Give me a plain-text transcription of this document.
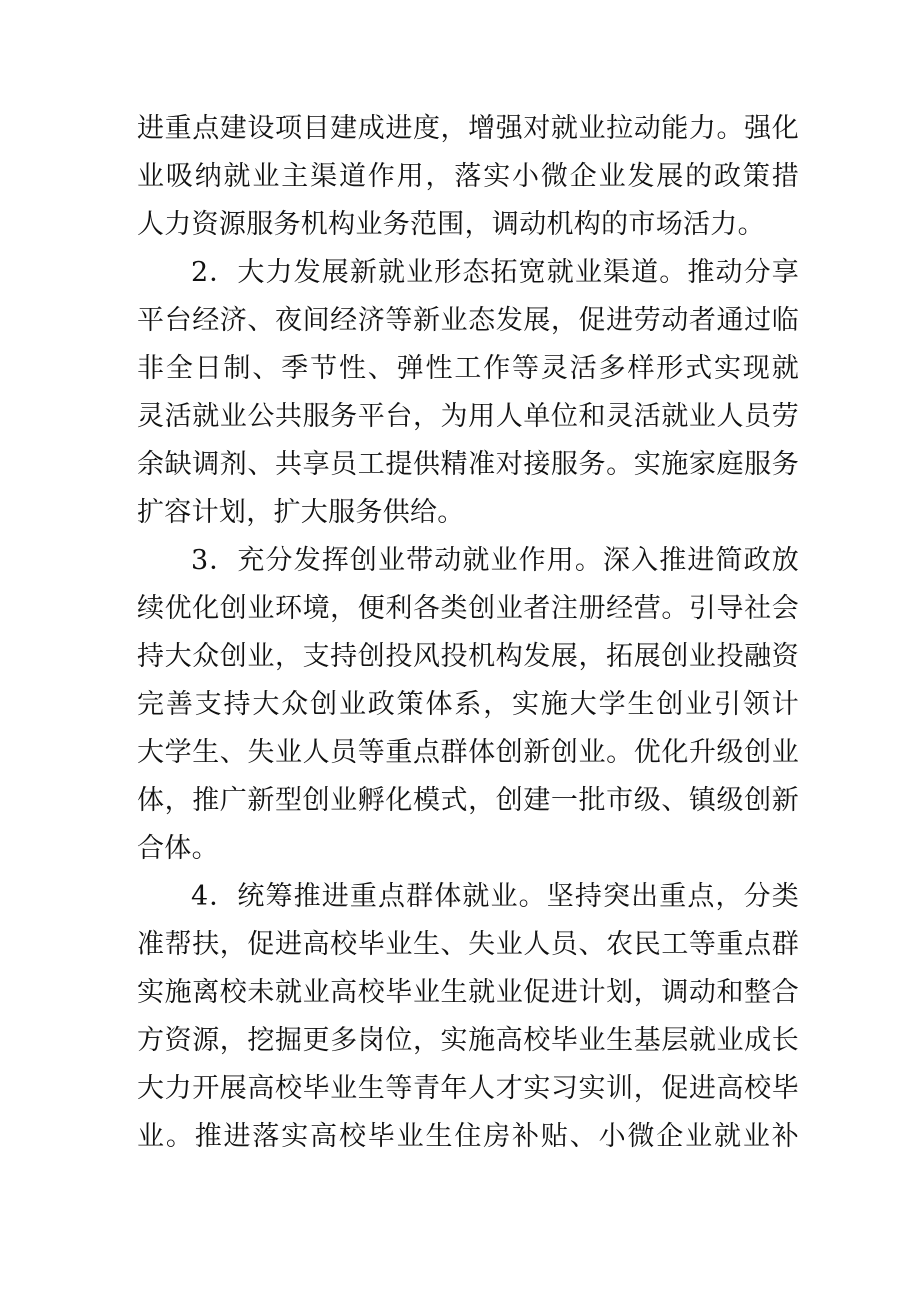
进重点建设项目建成进度，增强对就业拉动能力。强化
业吸纳就业主渠道作用，落实小微企业发展的政策措
人力资源服务机构业务范围，调动机构的市场活力。
2．大力发展新就业形态拓宽就业渠道。推动分享
平台经济、夜间经济等新业态发展，促进劳动者通过临
非全日制、季节性、弹性工作等灵活多样形式实现就
灵活就业公共服务平台，为用人单位和灵活就业人员劳
余缺调剂、共享员工提供精准对接服务。实施家庭服务
扩容计划，扩大服务供给。
3．充分发挥创业带动就业作用。深入推进简政放
续优化创业环境，便利各类创业者注册经营。引导社会
持大众创业，支持创投风投机构发展，拓展创业投融资
完善支持大众创业政策体系，实施大学生创业引领计
大学生、失业人员等重点群体创新创业。优化升级创业
体，推广新型创业孵化模式，创建一批市级、镇级创新
合体。
4．统筹推进重点群体就业。坚持突出重点，分类
准帮扶，促进高校毕业生、失业人员、农民工等重点群
实施离校未就业高校毕业生就业促进计划，调动和整合
方资源，挖掘更多岗位，实施高校毕业生基层就业成长
大力开展高校毕业生等青年人才实习实训，促进高校毕
业。推进落实高校毕业生住房补贴、小微企业就业补
